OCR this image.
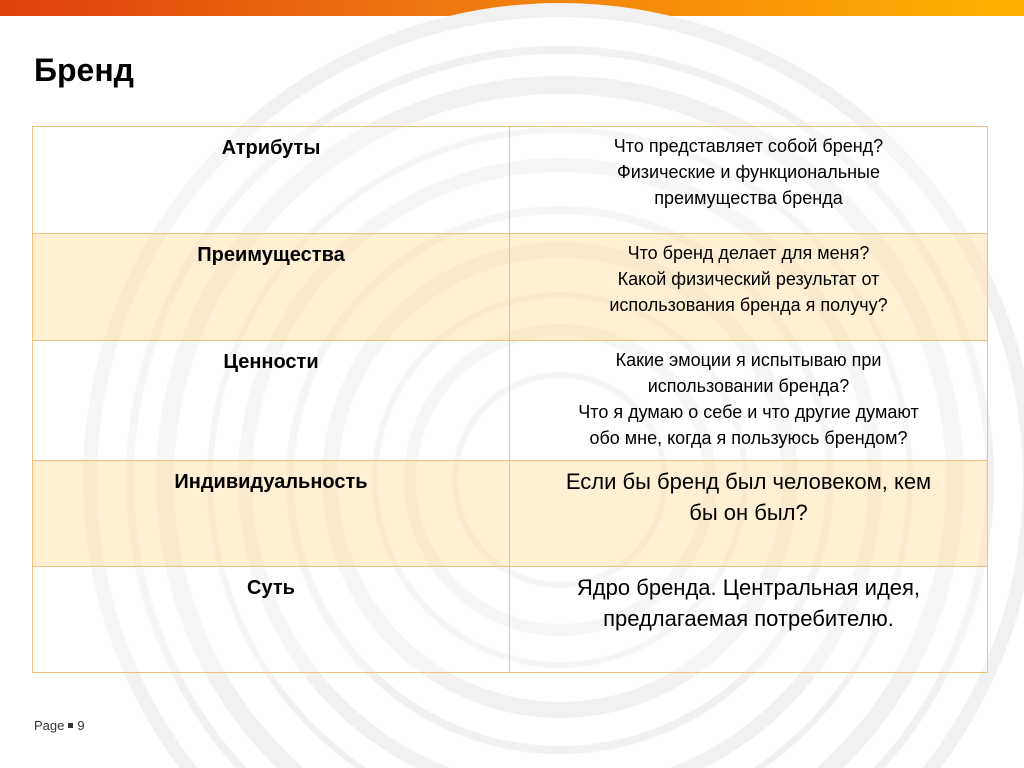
Бренд
Атрибуты	Что представляет собой бренд?
Физические и функциональные
преимущества бренда

Преимущества	Что бренд делает для меня?
Какой физический результат от
использования бренда я получу?

Ценности	Какие эмоции я испытываю при
использовании бренда?
Что я думаю о себе и что другие думают
обо мне, когда я пользуюсь брендом?

Индивидуальность	Если бы бренд был человеком, кем
бы он был?

Суть	Ядро бренда. Центральная идея,
предлагаемая потребителю.
Page 9
